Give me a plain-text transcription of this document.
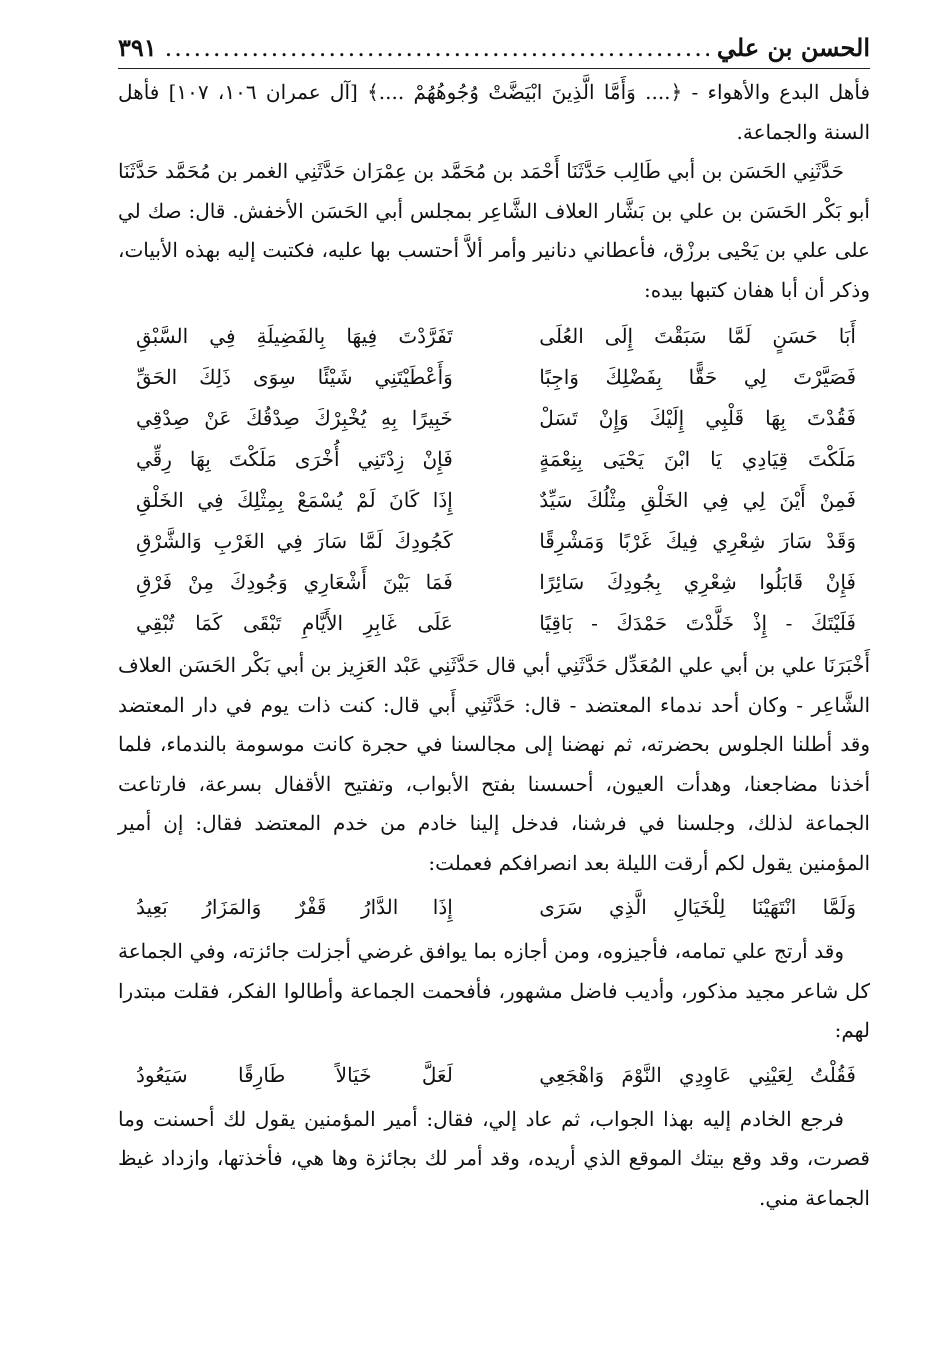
الحسن بن علي
.....
٣٩١

فأهل البدع والأهواء - ﴿.... وَأَمَّا الَّذِينَ ابْيَضَّتْ وُجُوهُهُمْ ....﴾ [آل عمران ١٠٦، ١٠٧] فأهل السنة والجماعة.

حَدَّثَنِي الحَسَن بن أبي طَالِب حَدَّثَنَا أَحْمَد بن مُحَمَّد بن عِمْرَان حَدَّثَنِي الغمر بن مُحَمَّد حَدَّثَنَا أبو بَكْر الحَسَن بن علي بن بَشَّار العلاف الشَّاعِر بمجلس أبي الحَسَن الأخفش. قال: صك لي على علي بن يَحْيى برزْق، فأعطاني دنانير وأمر ألاَّ أحتسب بها عليه، فكتبت إليه بهذه الأبيات، وذكر أن أبا هفان كتبها بيده:

أَبَا حَسَنٍ لَمَّا سَبَقْتَ إِلَى العُلَى
تَفَرَّدْتَ فِيهَا بِالفَضِيلَةِ فِي السَّبْقِ
فَصَيَّرْتَ لِي حَقًّا بِفَضْلِكَ وَاجِبًا
وَأَعْطَيْتَنِي شَيْئًا سِوَى ذَلِكَ الحَقِّ
فَقُدْتَ بِهَا قَلْبِي إِلَيْكَ وَإِنْ تَسَلْ
خَبِيرًا بِهِ يُخْبِرْكَ صِدْقُكَ عَنْ صِدْقِي
مَلَكْتَ قِيَادِي يَا ابْنَ يَحْيَى بِنِعْمَةٍ
فَإِنْ زِدْتَنِي أُخْرَى مَلَكْتَ بِهَا رِقِّي
فَمِنْ أَيْنَ لِي فِي الخَلْقِ مِثْلُكَ سَيِّدٌ
إِذَا كَانَ لَمْ يُسْمَعْ بِمِثْلِكَ فِي الخَلْقِ
وَقَدْ سَارَ شِعْرِي فِيكَ غَرْبًا وَمَشْرِقًا
كَجُودِكَ لَمَّا سَارَ فِي الغَرْبِ وَالشَّرْقِ
فَإِنْ قَابَلُوا شِعْرِي بِجُودِكَ سَائِرًا
فَمَا بَيْنَ أَشْعَارِي وَجُودِكَ مِنْ فَرْقِ
فَلَيْتَكَ - إِذْ خَلَّدْتَ حَمْدَكَ - بَاقِيًا
عَلَى غَابِرِ الأَيَّامِ تَبْقَى كَمَا تُبْقِي

أَخْبَرَنَا علي بن أبي علي المُعَدِّل حَدَّثَنِي أبي قال حَدَّثَنِي عَبْد العَزِيز بن أبي بَكْر الحَسَن العلاف الشَّاعِر - وكان أحد ندماء المعتضد - قال: حَدَّثَنِي أَبي قال: كنت ذات يوم في دار المعتضد وقد أطلنا الجلوس بحضرته، ثم نهضنا إلى مجالسنا في حجرة كانت موسومة بالندماء، فلما أخذنا مضاجعنا، وهدأت العيون، أحسسنا بفتح الأبواب، وتفتيح الأقفال بسرعة، فارتاعت الجماعة لذلك، وجلسنا في فرشنا، فدخل إلينا خادم من خدم المعتضد فقال: إن أمير المؤمنين يقول لكم أرقت الليلة بعد انصرافكم فعملت:

وَلَمَّا انْتَهَيْنَا لِلْخَيَالِ الَّذِي سَرَى
إِذَا الدَّارُ قَفْرٌ وَالمَزَارُ بَعِيدُ

وقد أرتج علي تمامه، فأجيزوه، ومن أجازه بما يوافق غرضي أجزلت جائزته، وفي الجماعة كل شاعر مجيد مذكور، وأديب فاضل مشهور، فأفحمت الجماعة وأطالوا الفكر، فقلت مبتدرا لهم:

فَقُلْتُ لِعَيْنِي عَاوِدِي النَّوْمَ وَاهْجَعِي
لَعَلَّ خَيَالاً طَارِقًا سَيَعُودُ

فرجع الخادم إليه بهذا الجواب، ثم عاد إلي، فقال: أمير المؤمنين يقول لك أحسنت وما قصرت، وقد وقع بيتك الموقع الذي أريده، وقد أمر لك بجائزة وها هي، فأخذتها، وازداد غيظ الجماعة مني.
